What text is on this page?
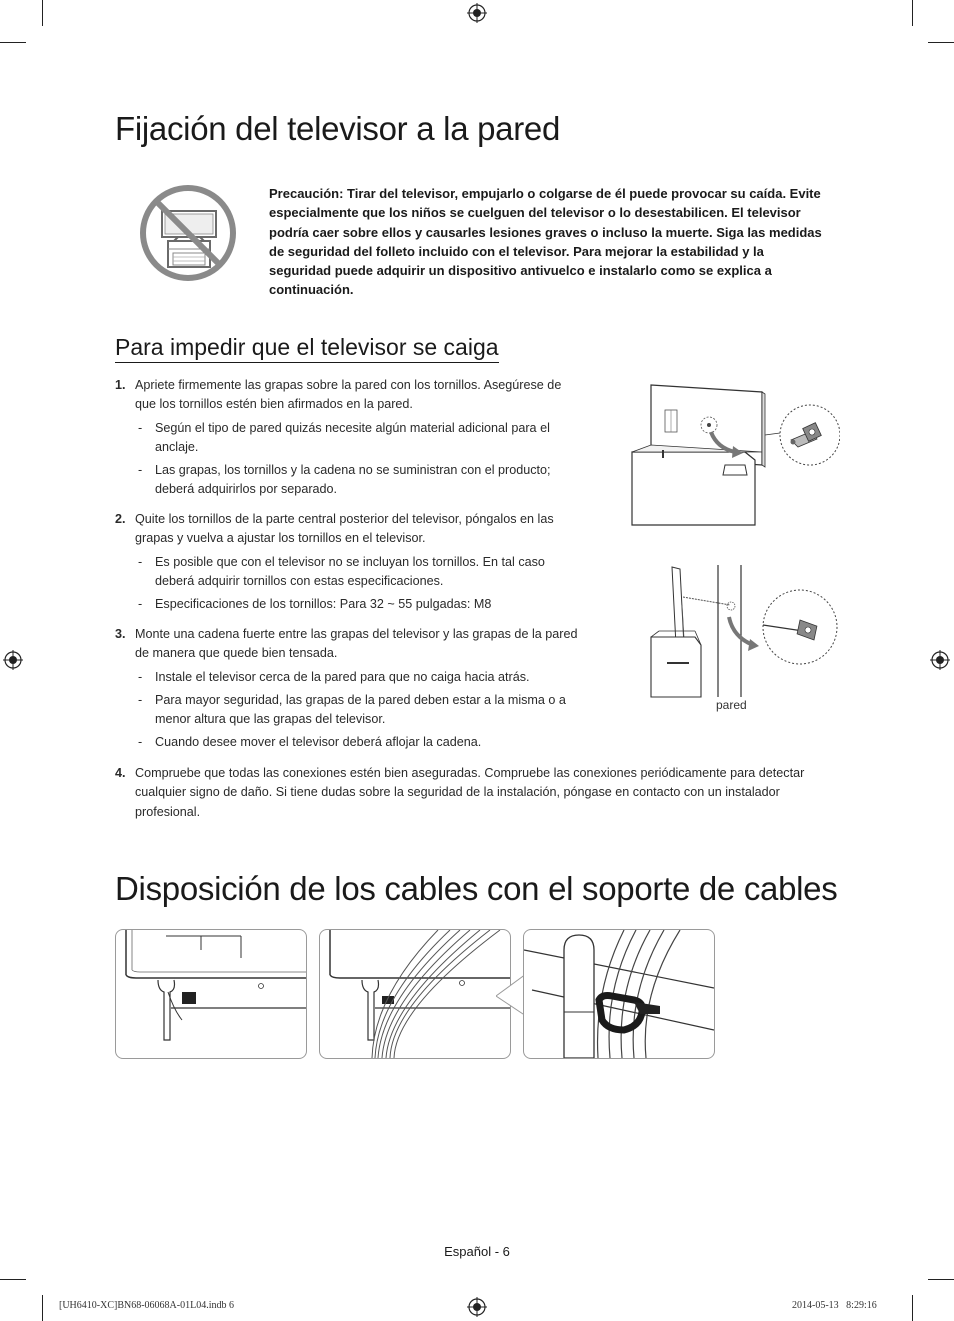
Fijación del televisor a la pared
Precaución: Tirar del televisor, empujarlo o colgarse de él puede provocar su caída. Evite especialmente que los niños se cuelguen del televisor o lo desestabilicen. El televisor podría caer sobre ellos y causarles lesiones graves o incluso la muerte. Siga las medidas de seguridad del folleto incluido con el televisor. Para mejorar la estabilidad y la seguridad puede adquirir un dispositivo antivuelco e instalarlo como se explica a continuación.
Para impedir que el televisor se caiga
1. Apriete firmemente las grapas sobre la pared con los tornillos. Asegúrese de que los tornillos estén bien afirmados en la pared.
- Según el tipo de pared quizás necesite algún material adicional para el anclaje.
- Las grapas, los tornillos y la cadena no se suministran con el producto; deberá adquirirlos por separado.
2. Quite los tornillos de la parte central posterior del televisor, póngalos en las grapas y vuelva a ajustar los tornillos en el televisor.
- Es posible que con el televisor no se incluyan los tornillos. En tal caso deberá adquirir tornillos con estas especificaciones.
- Especificaciones de los tornillos: Para 32 ~ 55 pulgadas: M8
3. Monte una cadena fuerte entre las grapas del televisor y las grapas de la pared de manera que quede bien tensada.
- Instale el televisor cerca de la pared para que no caiga hacia atrás.
- Para mayor seguridad, las grapas de la pared deben estar a la misma o a menor altura que las grapas del televisor.
- Cuando desee mover el televisor deberá aflojar la cadena.
4. Compruebe que todas las conexiones estén bien aseguradas. Compruebe las conexiones periódicamente para detectar cualquier signo de daño. Si tiene dudas sobre la seguridad de la instalación, póngase en contacto con un instalador profesional.
pared
Disposición de los cables con el soporte de cables
Español - 6
[UH6410-XC]BN68-06068A-01L04.indb 6	2014-05-13   8:29:16
